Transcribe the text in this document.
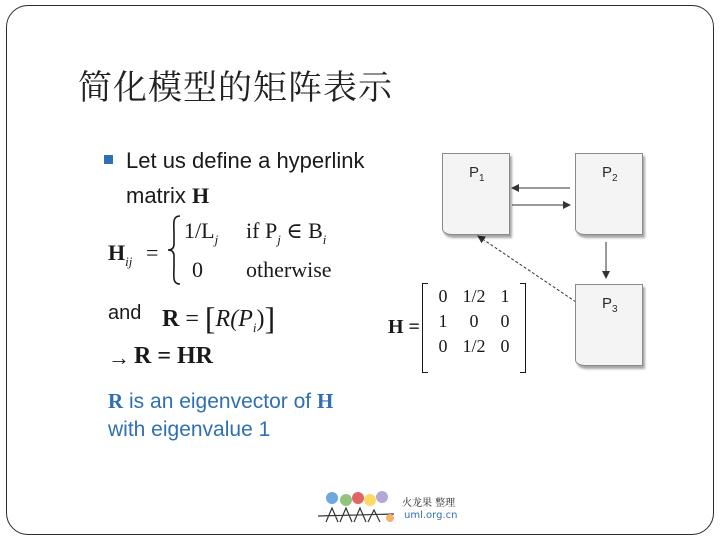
简化模型的矩阵表示
Let us define a hyperlink
matrix H
$H_{ij}$ =
$1/L_j$ if $P_j$ ∈ $B_i$
0 otherwise
and $R = [R(P_i)]$
→ R = HR
R is an eigenvector of H
with eigenvalue 1
$P_1$	$P_2$
$P_3$
H =
0 1/2 1
1	0	0
0 1/2 0
火龙果 整理
uml.org.cn
